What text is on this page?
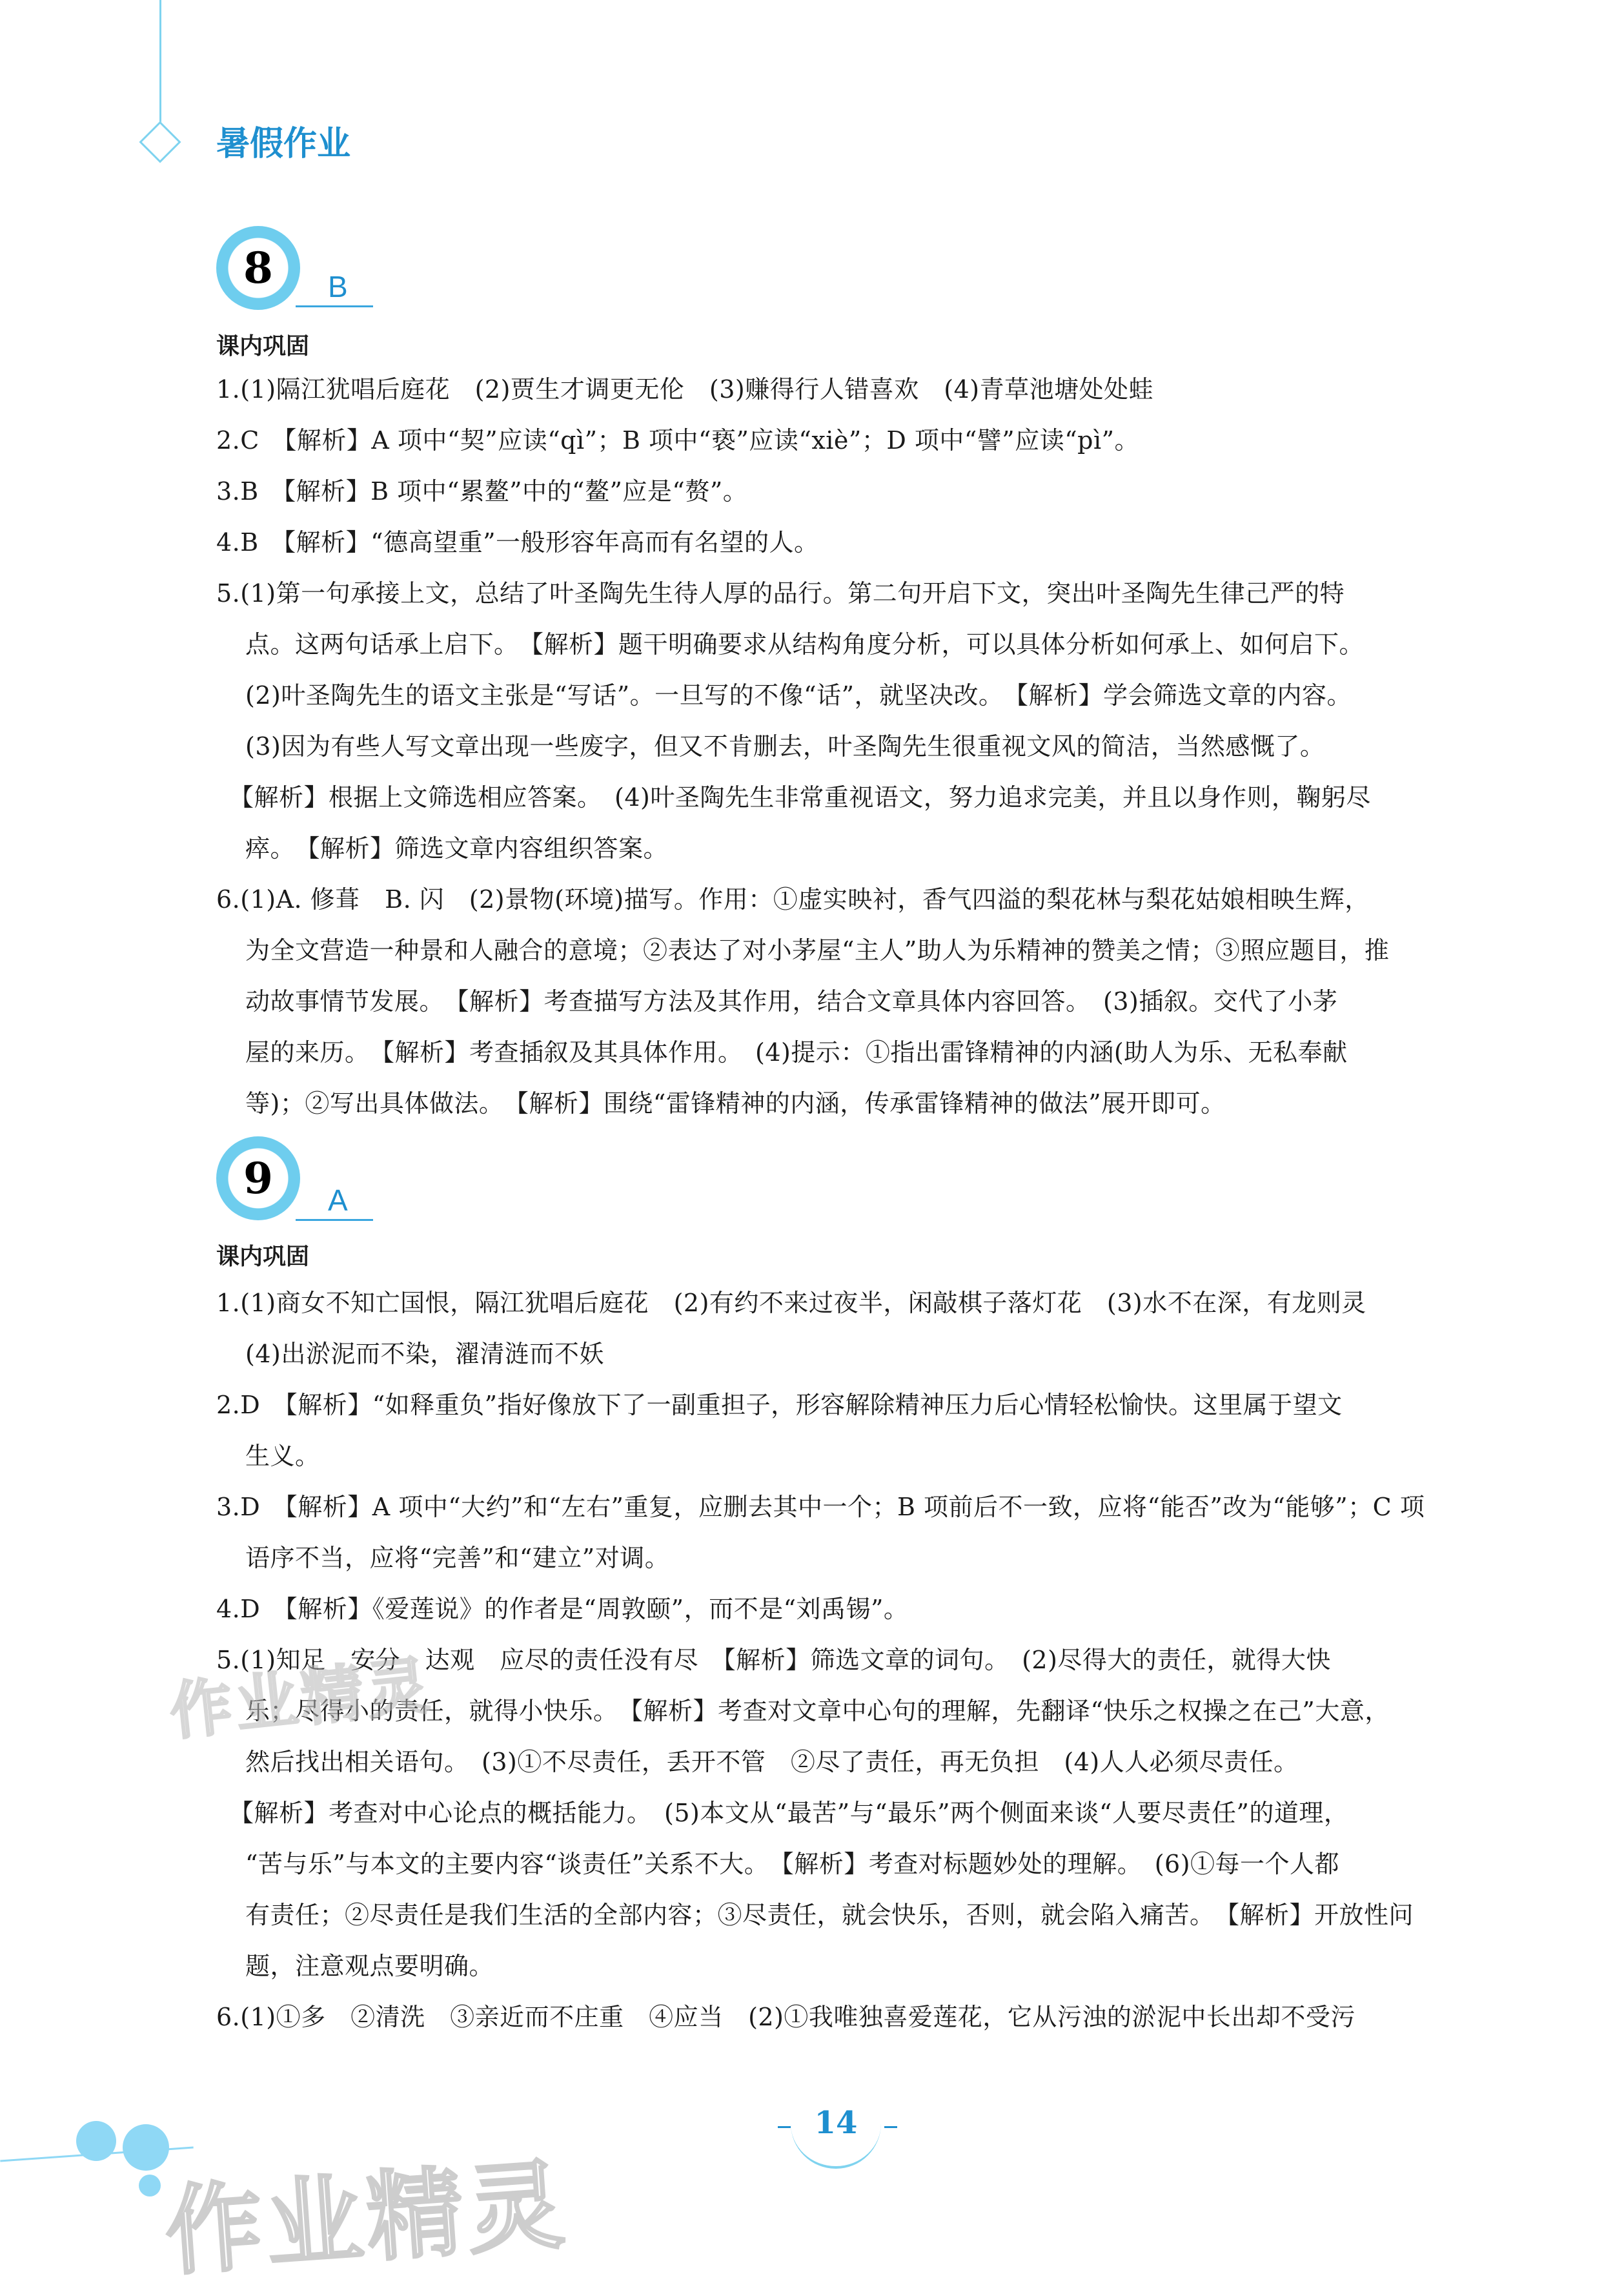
暑假作业
8 B
课内巩固
1.(1)隔江犹唱后庭花　(2)贾生才调更无伦　(3)赚得行人错喜欢　(4)青草池塘处处蛙
2.C　【解析】A 项中“契”应读“qì”；B 项中“亵”应读“xiè”；D 项中“譬”应读“pì”。
3.B　【解析】B 项中“累鳌”中的“鳌”应是“赘”。
4.B　【解析】“德高望重”一般形容年高而有名望的人。
5.(1)第一句承接上文，总结了叶圣陶先生待人厚的品行。第二句开启下文，突出叶圣陶先生律己严的特
点。这两句话承上启下。　【解析】题干明确要求从结构角度分析，可以具体分析如何承上、如何启下。
(2)叶圣陶先生的语文主张是“写话”。一旦写的不像“话”，就坚决改。　【解析】学会筛选文章的内容。
(3)因为有些人写文章出现一些废字，但又不肯删去，叶圣陶先生很重视文风的简洁，当然感慨了。
【解析】根据上文筛选相应答案。　(4)叶圣陶先生非常重视语文，努力追求完美，并且以身作则，鞠躬尽
瘁。　【解析】筛选文章内容组织答案。
6.(1)A. 修葺　B. 闪　(2)景物(环境)描写。作用：①虚实映衬，香气四溢的梨花林与梨花姑娘相映生辉，
为全文营造一种景和人融合的意境；②表达了对小茅屋“主人”助人为乐精神的赞美之情；③照应题目，推
动故事情节发展。　【解析】考查描写方法及其作用，结合文章具体内容回答。　(3)插叙。交代了小茅
屋的来历。　【解析】考查插叙及其具体作用。　(4)提示：①指出雷锋精神的内涵(助人为乐、无私奉献
等)；②写出具体做法。　【解析】围绕“雷锋精神的内涵，传承雷锋精神的做法”展开即可。
9 A
课内巩固
1.(1)商女不知亡国恨，隔江犹唱后庭花　(2)有约不来过夜半，闲敲棋子落灯花　(3)水不在深，有龙则灵
(4)出淤泥而不染，濯清涟而不妖
2.D　【解析】“如释重负”指好像放下了一副重担子，形容解除精神压力后心情轻松愉快。这里属于望文
生义。
3.D　【解析】A 项中“大约”和“左右”重复，应删去其中一个；B 项前后不一致，应将“能否”改为“能够”；C 项
语序不当，应将“完善”和“建立”对调。
4.D　【解析】《爱莲说》的作者是“周敦颐”，而不是“刘禹锡”。
5.(1)知足　安分　达观　应尽的责任没有尽　【解析】筛选文章的词句。　(2)尽得大的责任，就得大快
乐；尽得小的责任，就得小快乐。　【解析】考查对文章中心句的理解，先翻译“快乐之权操之在己”大意，
然后找出相关语句。　(3)①不尽责任，丢开不管　②尽了责任，再无负担　(4)人人必须尽责任。
【解析】考查对中心论点的概括能力。　(5)本文从“最苦”与“最乐”两个侧面来谈“人要尽责任”的道理，
“苦与乐”与本文的主要内容“谈责任”关系不大。　【解析】考查对标题妙处的理解。　(6)①每一个人都
有责任；②尽责任是我们生活的全部内容；③尽责任，就会快乐，否则，就会陷入痛苦。　【解析】开放性问
题，注意观点要明确。
6.(1)①多　②清洗　③亲近而不庄重　④应当　(2)①我唯独喜爱莲花，它从污浊的淤泥中长出却不受污
作业精灵
14
作业精灵
